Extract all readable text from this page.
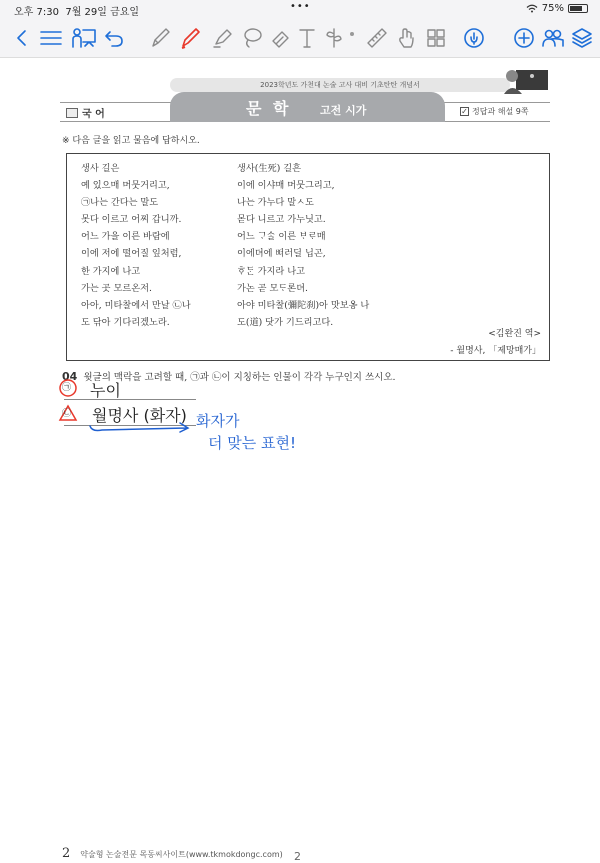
오후 7:30 7월 29일 금요일
•••	75%
2023학년도 가천대 논술 고사 대비 기초탄탄 개념서
국 어	문 학	고전 시가	✓ 정답과 해설 9쪽
※ 다음 글을 읽고 물음에 답하시오.
생사 길은
예 있으매 머뭇거리고,
㉠나는 간다는 말도
못다 이르고 어찌 갑니까.
어느 가을 이른 바람에
이에 저에 떨어질 잎처럼,
한 가지에 나고
가는 곳 모르온저.
아아, 미타찰에서 만날 ㉡나
도 닦아 기다리겠노라.
생사(生死) 길흔
이에 이샤매 머뭇그리고,
나는 가누다 말ㅅ도
몯다 니르고 가누닛고.
어느 ᄀᆞᄉᆞᆯ 이른 ᄇᆞᄅᆞ매
이에뎌에 ᄠᅥ러딜 닙곤,
ᄒᆞᄃᆞᆫ 가지라 나고
가논 곧 모ᄃᆞ론뎌.
아야 미타찰(彌陀刹)아 맛보옹 나
도(道) 닷가 기드리고다.
<김완진 역>
- 월명사, 「제망매가」
04 윗글의 맥락을 고려할 때, ㉠과 ㉡이 지칭하는 인물이 각각 누구인지 쓰시오.
㉠
㉡
누이
월명사 (화자) 화자가
더 맞는 표현!
2 약술형 논술전문 목동씨사이트(www.tkmokdongc.com) 2
